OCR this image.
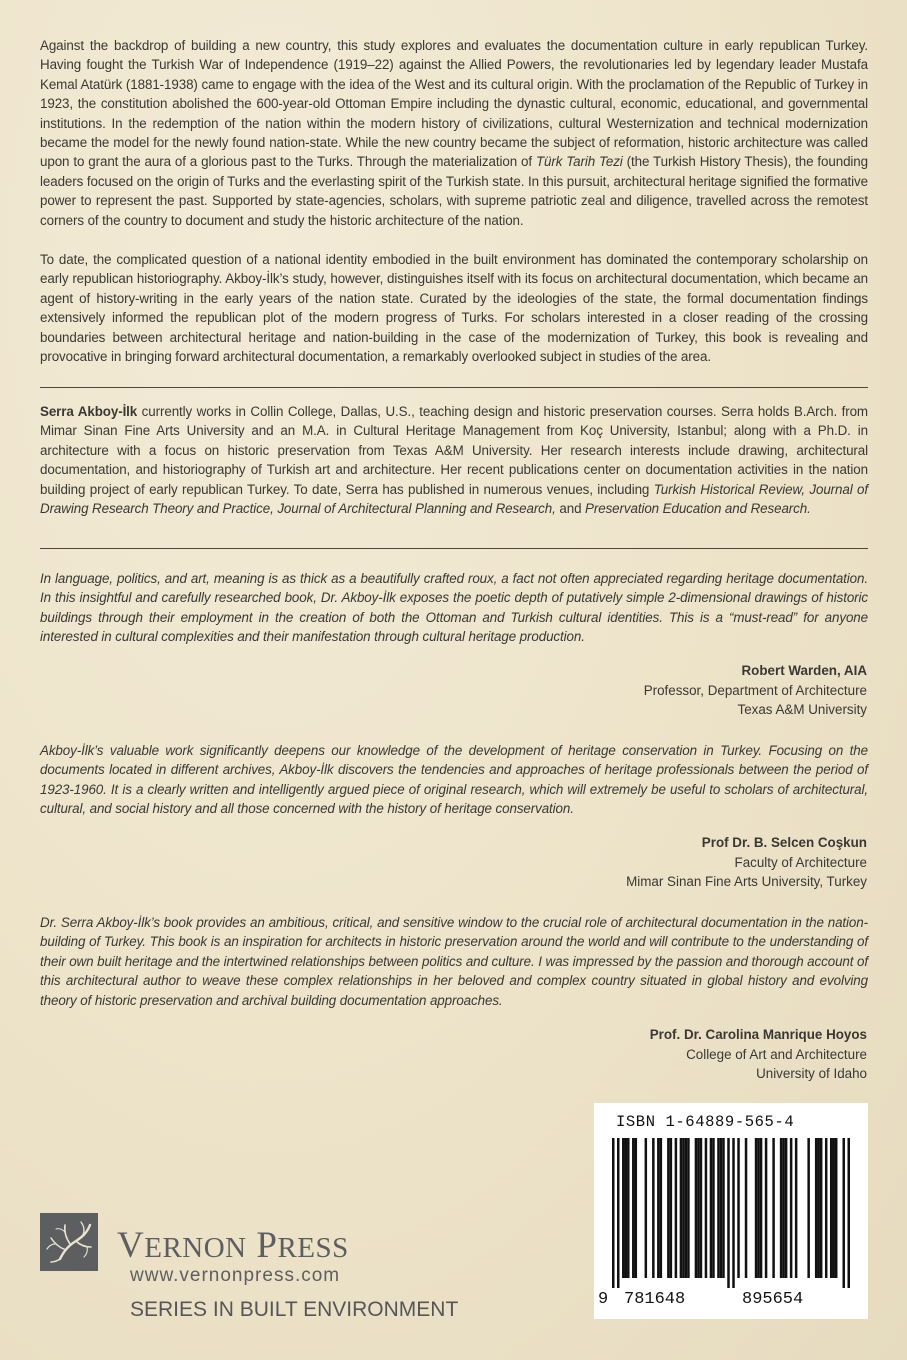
Against the backdrop of building a new country, this study explores and evaluates the documentation culture in early republican Turkey. Having fought the Turkish War of Independence (1919–22) against the Allied Powers, the revolutionaries led by legendary leader Mustafa Kemal Atatürk (1881-1938) came to engage with the idea of the West and its cultural origin. With the proclamation of the Republic of Turkey in 1923, the constitution abolished the 600-year-old Ottoman Empire including the dynastic cultural, economic, educational, and governmental institutions. In the redemption of the nation within the modern history of civilizations, cultural Westernization and technical modernization became the model for the newly found nation-state. While the new country became the subject of reformation, historic architecture was called upon to grant the aura of a glorious past to the Turks. Through the materialization of Türk Tarih Tezi (the Turkish History Thesis), the founding leaders focused on the origin of Turks and the everlasting spirit of the Turkish state. In this pursuit, architectural heritage signified the formative power to represent the past. Supported by state-agencies, scholars, with supreme patriotic zeal and diligence, travelled across the remotest corners of the country to document and study the historic architecture of the nation.

To date, the complicated question of a national identity embodied in the built environment has dominated the contemporary scholarship on early republican historiography. Akboy-İlk’s study, however, distinguishes itself with its focus on architectural documentation, which became an agent of history-writing in the early years of the nation state. Curated by the ideologies of the state, the formal documentation findings extensively informed the republican plot of the modern progress of Turks. For scholars interested in a closer reading of the crossing boundaries between architectural heritage and nation-building in the case of the modernization of Turkey, this book is revealing and provocative in bringing forward architectural documentation, a remarkably overlooked subject in studies of the area.

Serra Akboy-İlk currently works in Collin College, Dallas, U.S., teaching design and historic preservation courses. Serra holds B.Arch. from Mimar Sinan Fine Arts University and an M.A. in Cultural Heritage Management from Koç University, Istanbul; along with a Ph.D. in architecture with a focus on historic preservation from Texas A&M University. Her research interests include drawing, architectural documentation, and historiography of Turkish art and architecture. Her recent publications center on documentation activities in the nation building project of early republican Turkey. To date, Serra has published in numerous venues, including Turkish Historical Review, Journal of Drawing Research Theory and Practice, Journal of Architectural Planning and Research, and Preservation Education and Research.

In language, politics, and art, meaning is as thick as a beautifully crafted roux, a fact not often appreciated regarding heritage documentation. In this insightful and carefully researched book, Dr. Akboy-İlk exposes the poetic depth of putatively simple 2-dimensional drawings of historic buildings through their employment in the creation of both the Ottoman and Turkish cultural identities. This is a “must-read” for anyone interested in cultural complexities and their manifestation through cultural heritage production.

Robert Warden, AIA
Professor, Department of Architecture
Texas A&M University

Akboy-İlk’s valuable work significantly deepens our knowledge of the development of heritage conservation in Turkey. Focusing on the documents located in different archives, Akboy-İlk discovers the tendencies and approaches of heritage professionals between the period of 1923-1960. It is a clearly written and intelligently argued piece of original research, which will extremely be useful to scholars of architectural, cultural, and social history and all those concerned with the history of heritage conservation.

Prof Dr. B. Selcen Coşkun
Faculty of Architecture
Mimar Sinan Fine Arts University, Turkey

Dr. Serra Akboy-İlk’s book provides an ambitious, critical, and sensitive window to the crucial role of architectural documentation in the nation-building of Turkey. This book is an inspiration for architects in historic preservation around the world and will contribute to the understanding of their own built heritage and the intertwined relationships between politics and culture. I was impressed by the passion and thorough account of this architectural author to weave these complex relationships in her beloved and complex country situated in global history and evolving theory of historic preservation and archival building documentation approaches.

Prof. Dr. Carolina Manrique Hoyos
College of Art and Architecture
University of Idaho
ISBN 1-64889-565-4
9 781648	895654
VERNON PRESS
www.vernonpress.com
SERIES IN BUILT ENVIRONMENT
